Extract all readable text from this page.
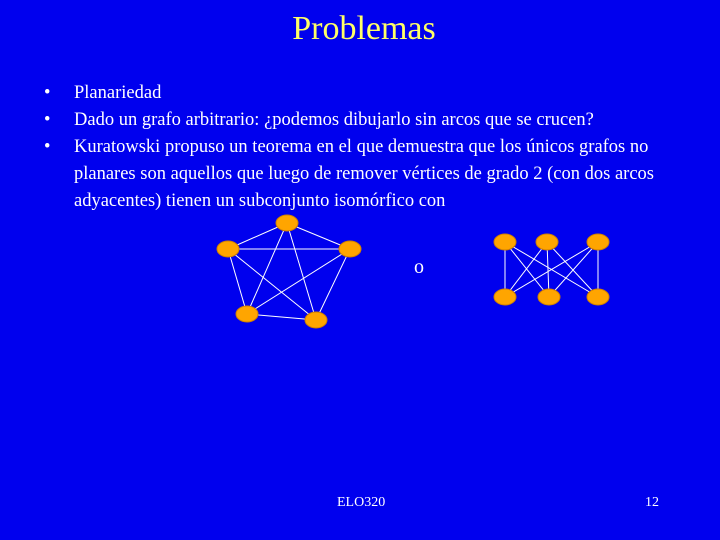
Problemas
• Planariedad
• Dado un grafo arbitrario: ¿podemos dibujarlo sin arcos que se crucen?
• Kuratowski propuso un teorema en el que demuestra que los únicos grafos no planares son aquellos que luego de remover vértices de grado 2 (con dos arcos adyacentes) tienen un subconjunto isomórfico con
o
ELO320	12
